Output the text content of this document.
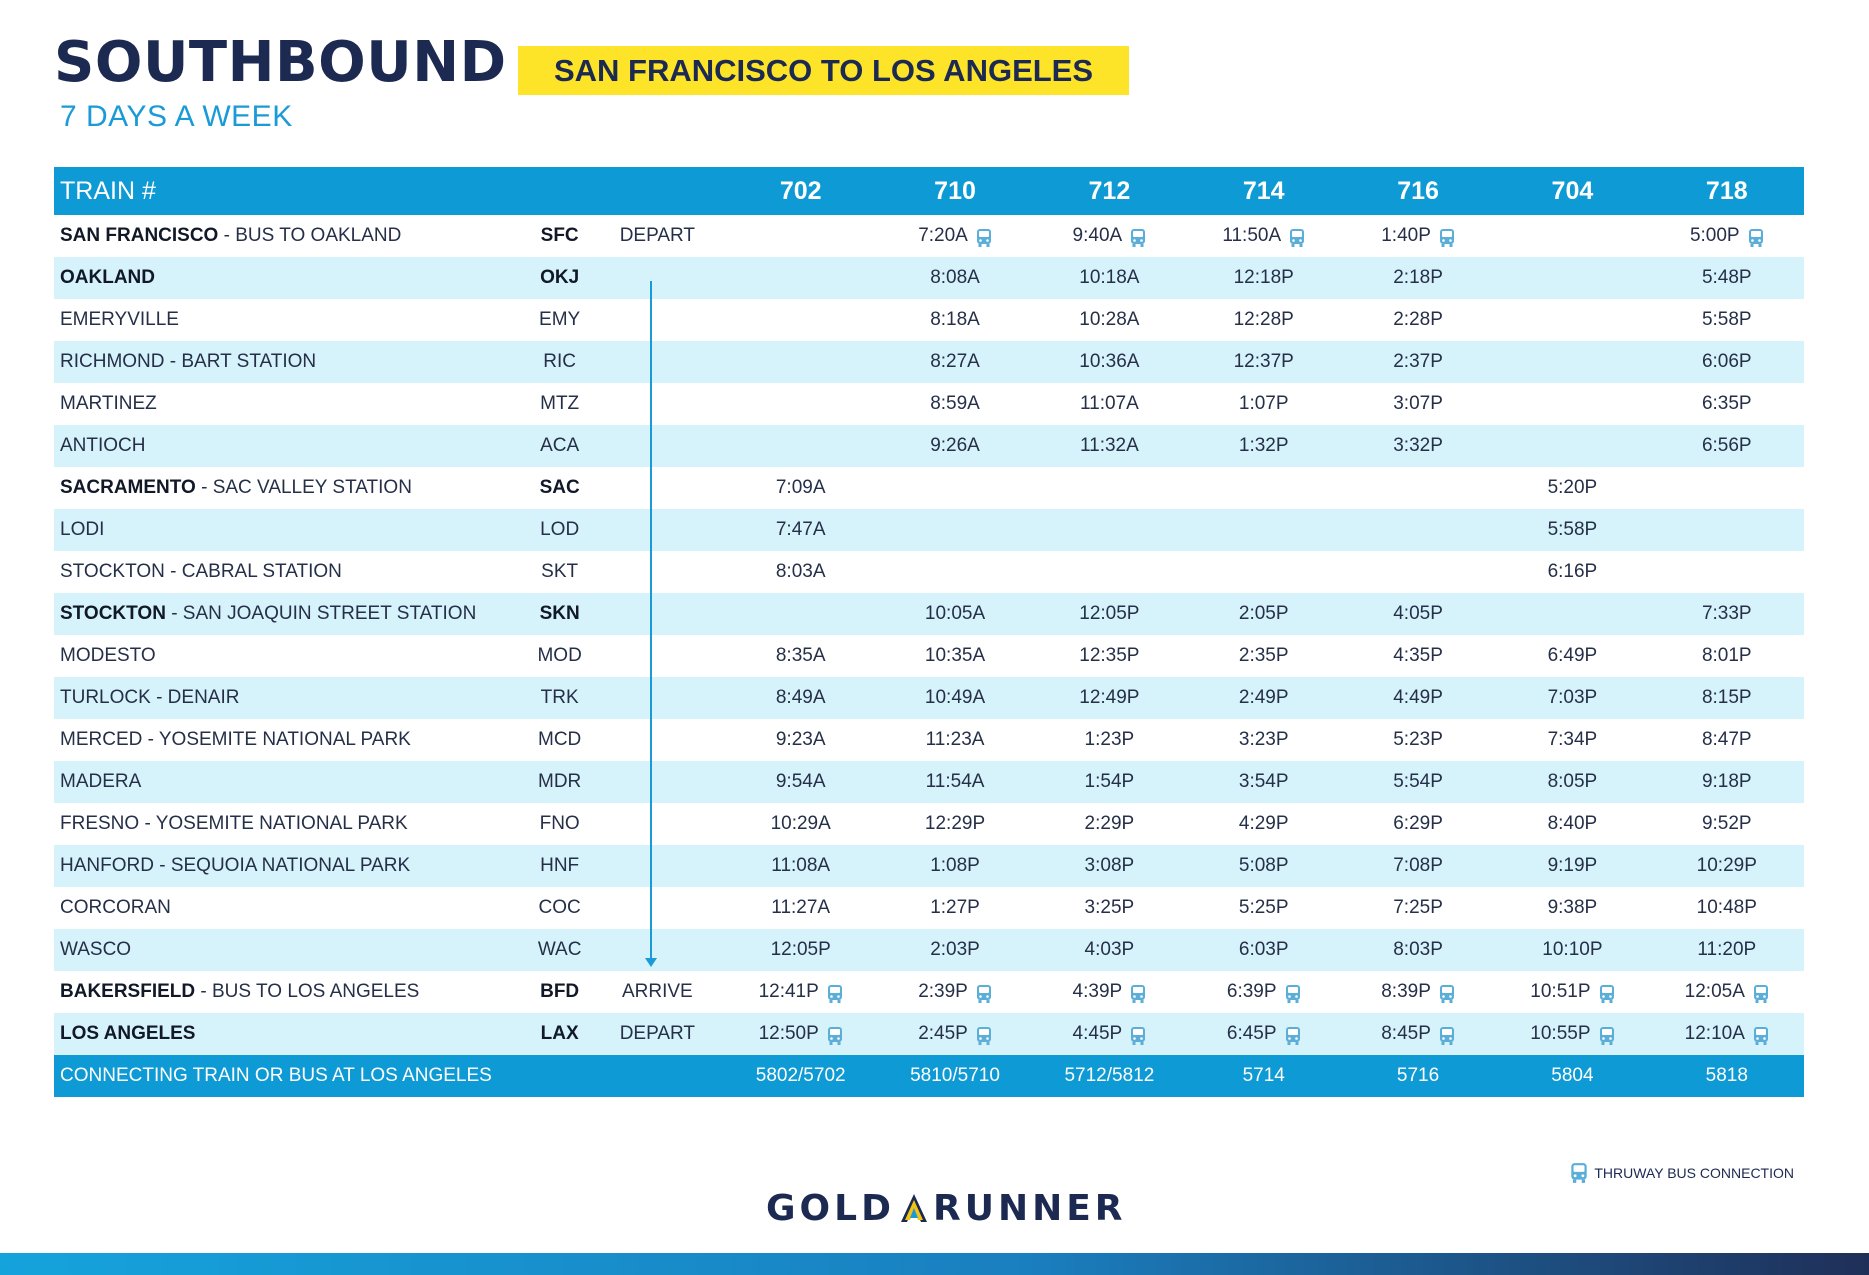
SOUTHBOUND
7 DAYS A WEEK
SAN FRANCISCO TO LOS ANGELES
TRAIN #			702	710	712	714	716	704	718
SAN FRANCISCO - BUS TO OAKLAND	SFC	DEPART		7:20A	9:40A	11:50A	1:40P		5:00P
OAKLAND	OKJ			8:08A	10:18A	12:18P	2:18P		5:48P
EMERYVILLE	EMY			8:18A	10:28A	12:28P	2:28P		5:58P
RICHMOND - BART STATION	RIC			8:27A	10:36A	12:37P	2:37P		6:06P
MARTINEZ	MTZ			8:59A	11:07A	1:07P	3:07P		6:35P
ANTIOCH	ACA			9:26A	11:32A	1:32P	3:32P		6:56P
SACRAMENTO - SAC VALLEY STATION	SAC		7:09A					5:20P	
LODI	LOD		7:47A					5:58P	
STOCKTON - CABRAL STATION	SKT		8:03A					6:16P	
STOCKTON - SAN JOAQUIN STREET STATION	SKN			10:05A	12:05P	2:05P	4:05P		7:33P
MODESTO	MOD		8:35A	10:35A	12:35P	2:35P	4:35P	6:49P	8:01P
TURLOCK - DENAIR	TRK		8:49A	10:49A	12:49P	2:49P	4:49P	7:03P	8:15P
MERCED - YOSEMITE NATIONAL PARK	MCD		9:23A	11:23A	1:23P	3:23P	5:23P	7:34P	8:47P
MADERA	MDR		9:54A	11:54A	1:54P	3:54P	5:54P	8:05P	9:18P
FRESNO - YOSEMITE NATIONAL PARK	FNO		10:29A	12:29P	2:29P	4:29P	6:29P	8:40P	9:52P
HANFORD - SEQUOIA NATIONAL PARK	HNF		11:08A	1:08P	3:08P	5:08P	7:08P	9:19P	10:29P
CORCORAN	COC		11:27A	1:27P	3:25P	5:25P	7:25P	9:38P	10:48P
WASCO	WAC		12:05P	2:03P	4:03P	6:03P	8:03P	10:10P	11:20P
BAKERSFIELD - BUS TO LOS ANGELES	BFD	ARRIVE	12:41P	2:39P	4:39P	6:39P	8:39P	10:51P	12:05A
LOS ANGELES	LAX	DEPART	12:50P	2:45P	4:45P	6:45P	8:45P	10:55P	12:10A
CONNECTING TRAIN OR BUS AT LOS ANGELES			5802/5702	5810/5710	5712/5812	5714	5716	5804	5818
THRUWAY BUS CONNECTION
GOLD RUNNER
